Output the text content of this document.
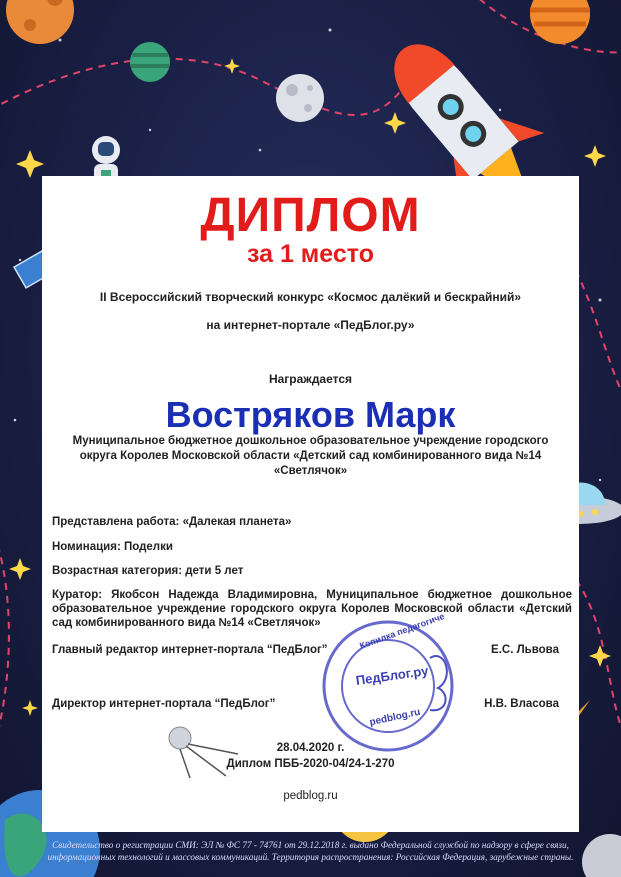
ДИПЛОМ
за 1 место
II Всероссийский творческий конкурс «Космос далёкий и бескрайний»
на интернет-портале «ПедБлог.ру»
Награждается
Востряков Марк
Муниципальное бюджетное дошкольное образовательное учреждение городского округа Королев Московской области «Детский сад комбинированного вида №14 «Светлячок»
Представлена работа: «Далекая планета»
Номинация: Поделки
Возрастная категория: дети 5 лет
Куратор: Якобсон Надежда Владимировна, Муниципальное бюджетное дошкольное образовательное учреждение городского округа Королев Московской области «Детский сад комбинированного вида №14 «Светлячок»	Копилка педагогиче
ПедБлог.ру
pedblog.ru
Главный редактор интернет-портала “ПедБлог”	Е.С. Львова
Директор интернет-портала “ПедБлог”	Н.В. Власова
28.04.2020 г.
Диплом ПББ-2020-04/24-1-270
pedblog.ru
Свидетельство о регистрации СМИ: ЭЛ № ФС 77 - 74761 от 29.12.2018 г. выдано Федеральной службой по надзору в сфере связи, информационных технологий и массовых коммуникаций. Территория распространения: Российская Федерация, зарубежные страны.
